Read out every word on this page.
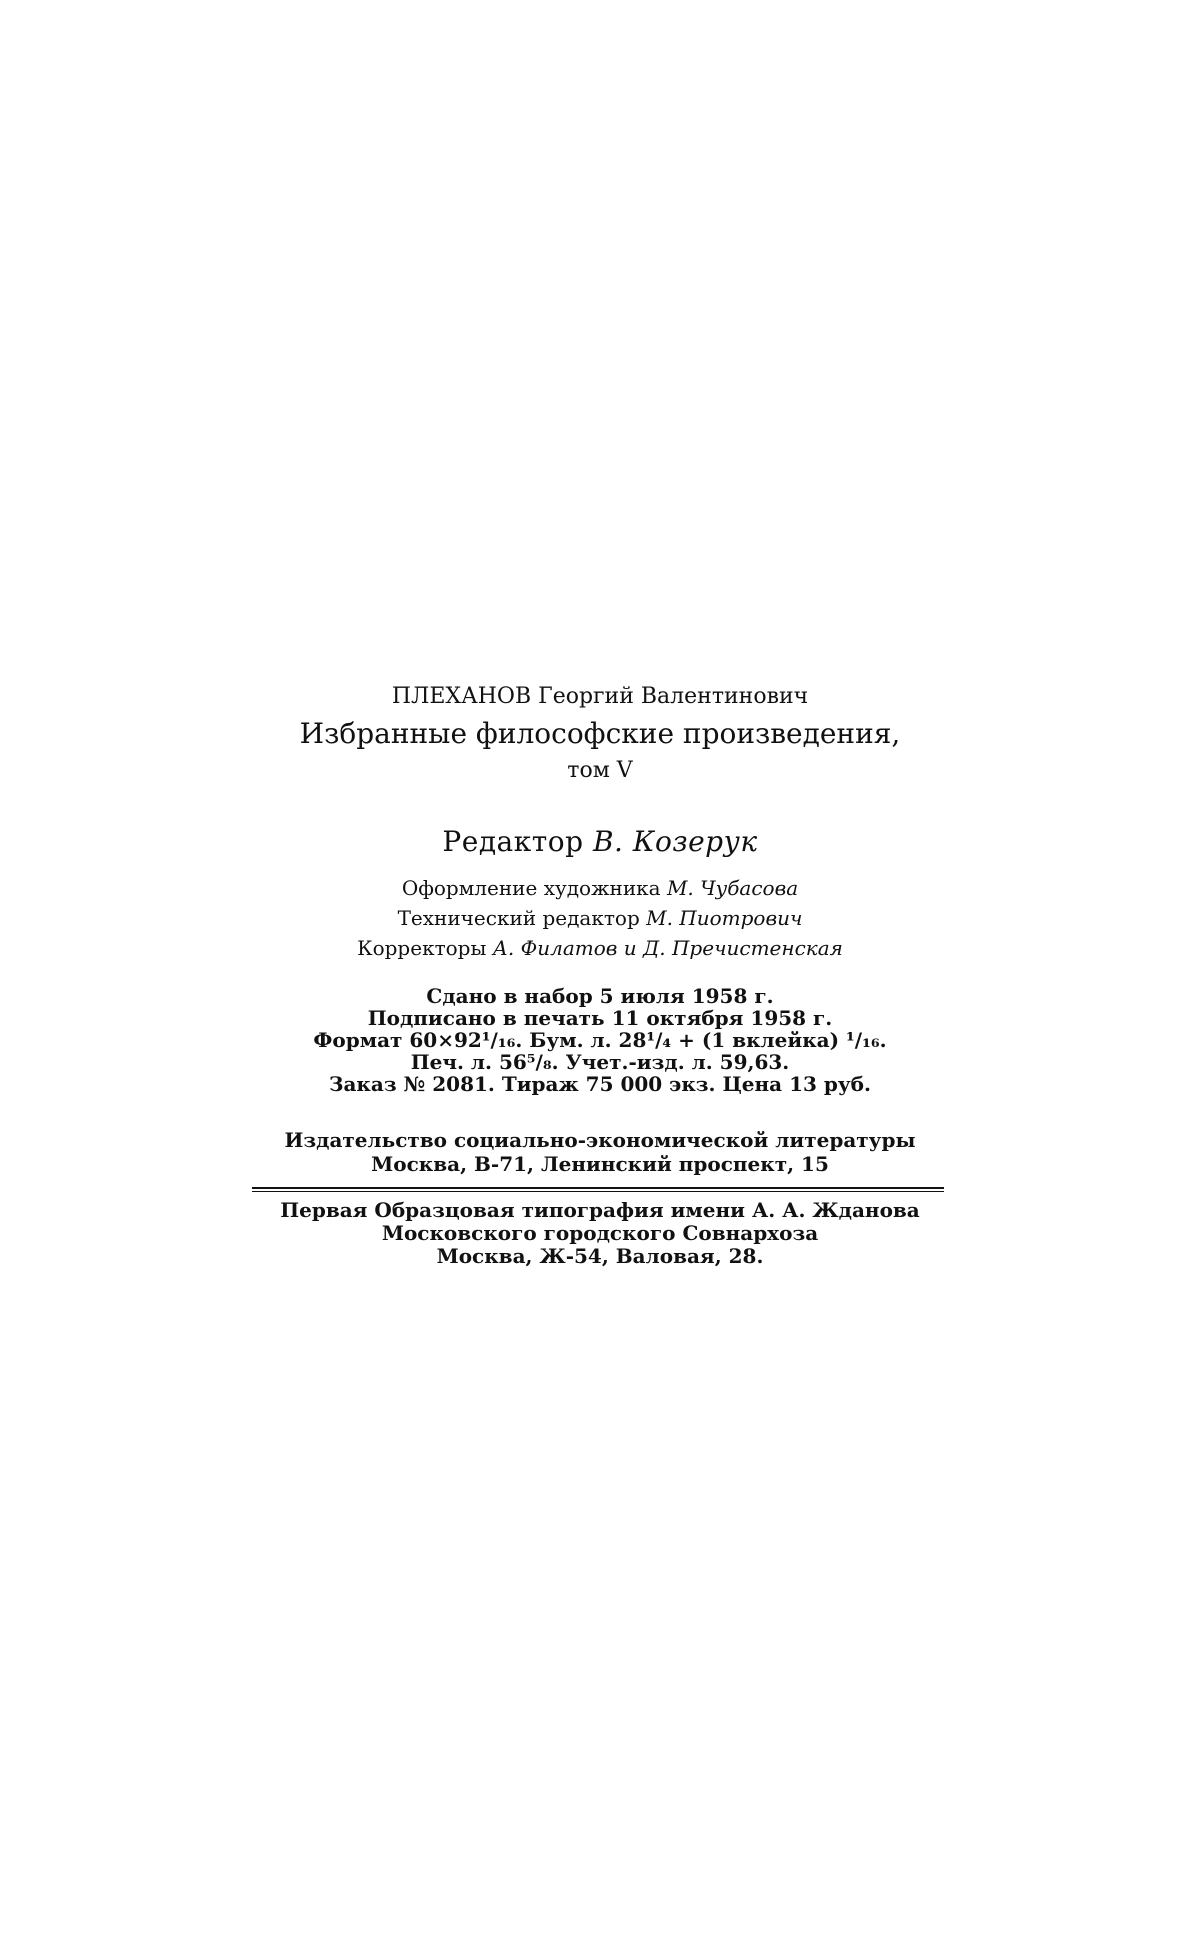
ПЛЕХАНОВ Георгий Валентинович
Избранные философские произведения,
том V
Редактор В. Козерук
Оформление художника М. Чубасова
Технический редактор М. Пиотрович
Корректоры А. Филатов и Д. Пречистенская
Сдано в набор 5 июля 1958 г.
Подписано в печать 11 октября 1958 г.
Формат 60×92¹/₁₆. Бум. л. 28¹/₄ + (1 вклейка) ¹/₁₆.
Печ. л. 56⁵/₈. Учет.-изд. л. 59,63.
Заказ № 2081. Тираж 75 000 экз. Цена 13 руб.
Издательство социально-экономической литературы
Москва, В-71, Ленинский проспект, 15
Первая Образцовая типография имени А. А. Жданова
Московского городского Совнархоза
Москва, Ж-54, Валовая, 28.
